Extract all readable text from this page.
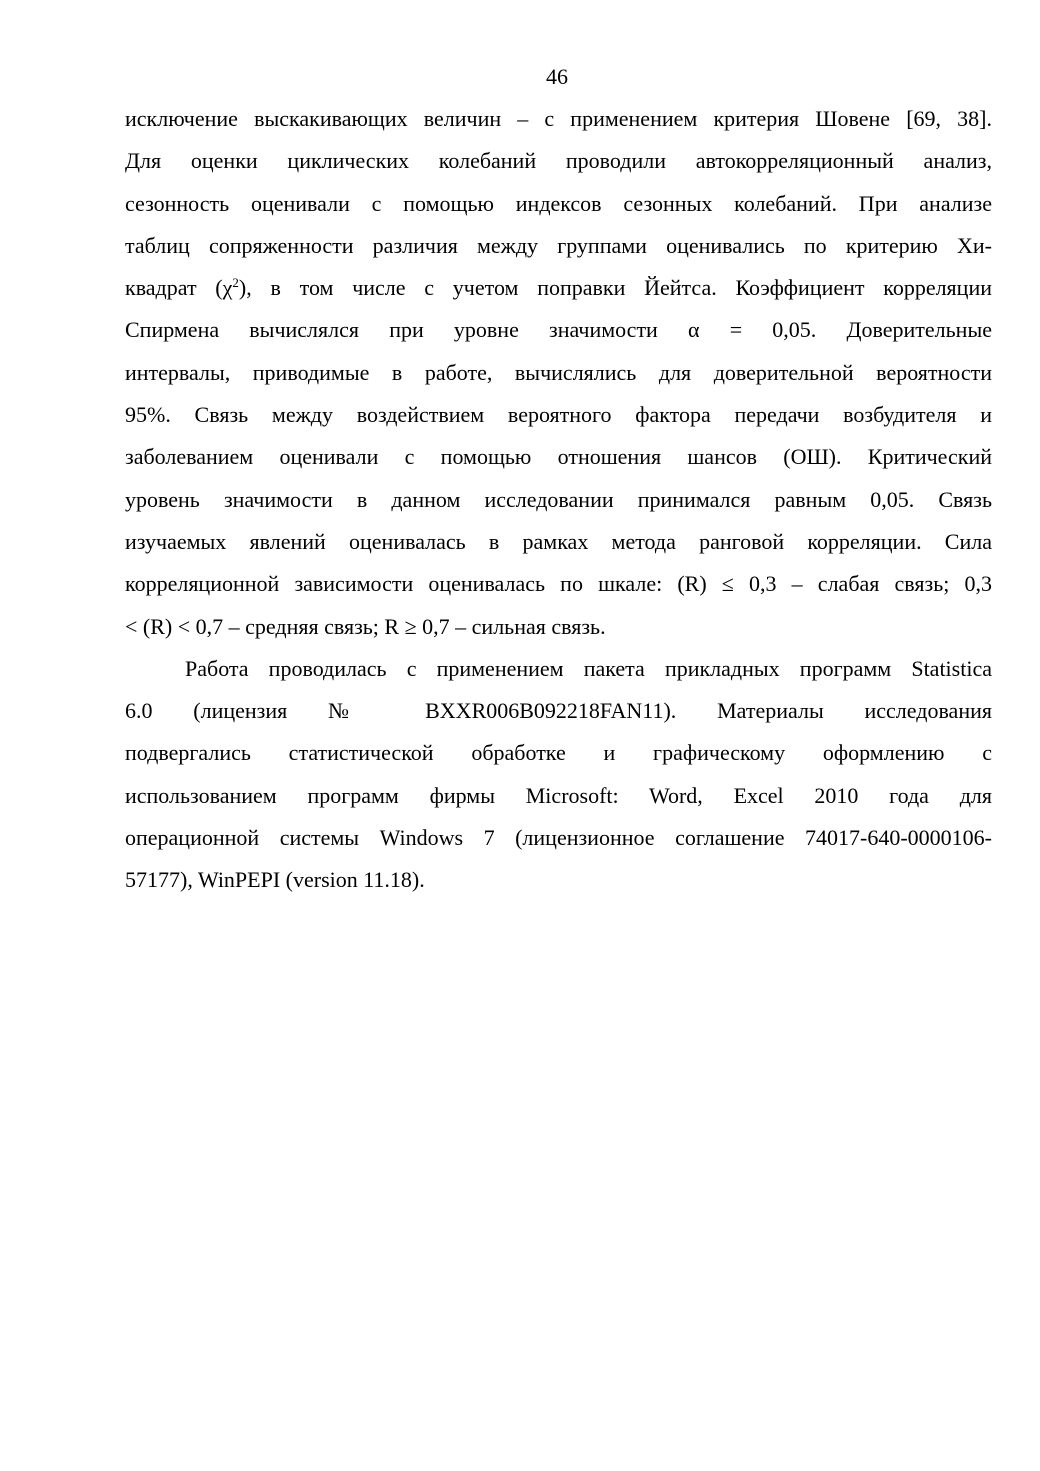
46

исключение выскакивающих величин – с применением критерия Шовене [69, 38].
Для оценки циклических колебаний проводили автокорреляционный анализ,
сезонность оценивали с помощью индексов сезонных колебаний. При анализе
таблиц сопряженности различия между группами оценивались по критерию Хи-
квадрат $(\chi^2)$, в том числе с учетом поправки Йейтса. Коэффициент корреляции
Спирмена вычислялся при уровне значимости α = 0,05. Доверительные
интервалы, приводимые в работе, вычислялись для доверительной вероятности
95%. Связь между воздействием вероятного фактора передачи возбудителя и
заболеванием оценивали с помощью отношения шансов (ОШ). Критический
уровень значимости в данном исследовании принимался равным 0,05. Связь
изучаемых явлений оценивалась в рамках метода ранговой корреляции. Сила
корреляционной зависимости оценивалась по шкале: (R) ≤ 0,3 – слабая связь; 0,3
< (R) < 0,7 – средняя связь; R ≥ 0,7 – сильная связь.

Работа проводилась с применением пакета прикладных программ Statistica
6.0 (лицензия № BXXR006B092218FAN11). Материалы исследования
подвергались статистической обработке и графическому оформлению с
использованием программ фирмы Microsoft: Word, Excel 2010 года для
операционной системы Windows 7 (лицензионное соглашение 74017-640-0000106-
57177), WinPEPI (version 11.18).
